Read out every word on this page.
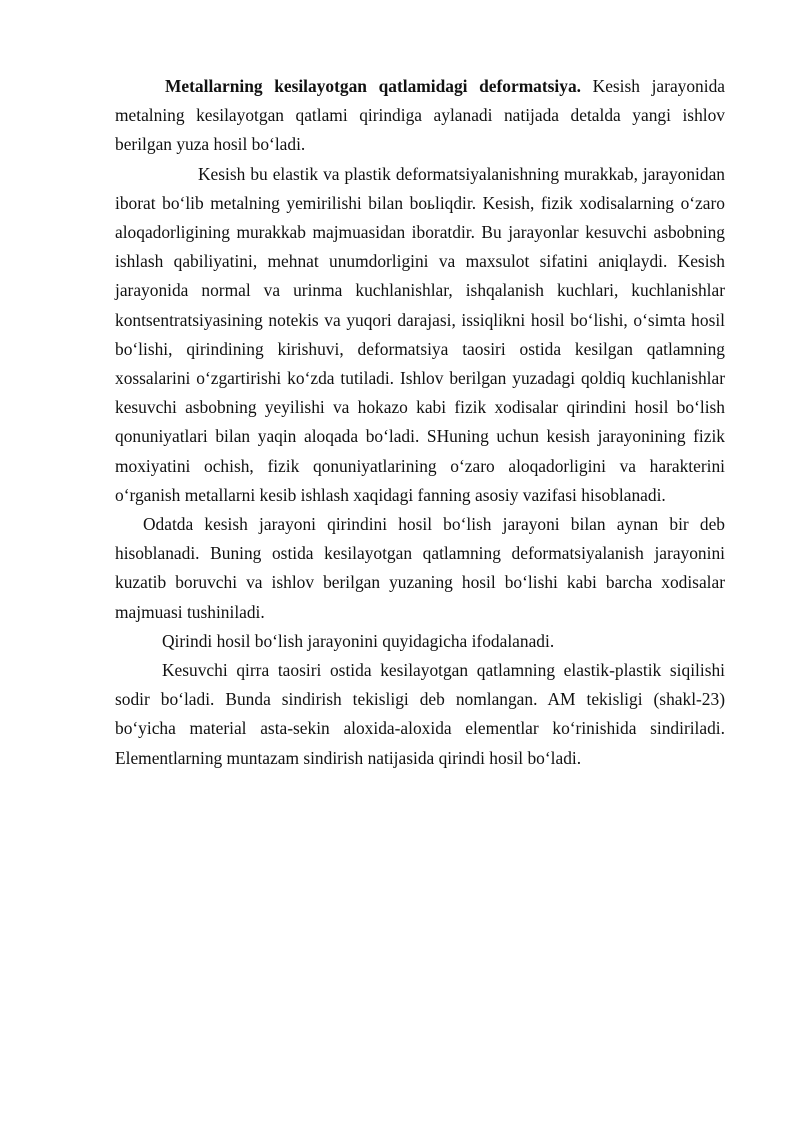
Metallarning kesilayotgan qatlamidagi deformatsiya. Kesish jarayonida metalning kesilayotgan qatlami qirindiga aylanadi natijada detalda yangi ishlov berilgan yuza hosil bo‘ladi.

Kesish bu elastik va plastik deformatsiyalanishning murakkab, jarayonidan iborat bo‘lib metalning yemirilishi bilan boьliqdir. Kesish, fizik xodisalarning o‘zaro aloqadorligining murakkab majmuasidan iboratdir. Bu jarayonlar kesuvchi asbobning ishlash qabiliyatini, mehnat unumdorligini va maxsulot sifatini aniqlaydi. Kesish jarayonida normal va urinma kuchlanishlar, ishqalanish kuchlari, kuchlanishlar kontsentratsiyasining notekis va yuqori darajasi, issiqlikni hosil bo‘lishi, o‘simta hosil bo‘lishi, qirindining kirishuvi, deformatsiya taosiri ostida kesilgan qatlamning xossalarini o‘zgartirishi ko‘zda tutiladi. Ishlov berilgan yuzadagi qoldiq kuchlanishlar kesuvchi asbobning yeyilishi va hokazo kabi fizik xodisalar qirindini hosil bo‘lish qonuniyatlari bilan yaqin aloqada bo‘ladi. SHuning uchun kesish jarayonining fizik moxiyatini ochish, fizik qonuniyatlarining o‘zaro aloqadorligini va harakterini o‘rganish metallarni kesib ishlash xaqidagi fanning asosiy vazifasi hisoblanadi.

Odatda kesish jarayoni qirindini hosil bo‘lish jarayoni bilan aynan bir deb hisoblanadi. Buning ostida kesilayotgan qatlamning deformatsiyalanish jarayonini kuzatib boruvchi va ishlov berilgan yuzaning hosil bo‘lishi kabi barcha xodisalar majmuasi tushiniladi.

Qirindi hosil bo‘lish jarayonini quyidagicha ifodalanadi.

Kesuvchi qirra taosiri ostida kesilayotgan qatlamning elastik-plastik siqilishi sodir bo‘ladi. Bunda sindirish tekisligi deb nomlangan. AM tekisligi (shakl-23) bo‘yicha material asta-sekin aloxida-aloxida elementlar ko‘rinishida sindiriladi. Elementlarning muntazam sindirish natijasida qirindi hosil bo‘ladi.
